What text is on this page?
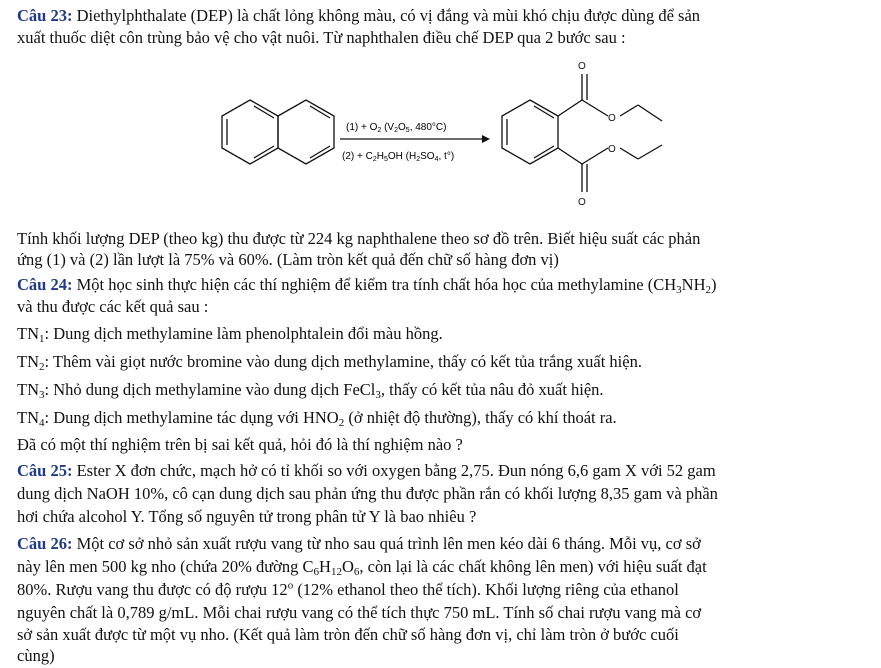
Câu 23: Diethylphthalate (DEP) là chất lỏng không màu, có vị đắng và mùi khó chịu được dùng để sản
xuất thuốc diệt côn trùng bảo vệ cho vật nuôi. Từ naphthalen điều chế DEP qua 2 bước sau :
$(1) + O_2$ ($V_2O_5$, 480°C)
$(2) + C_2H_5OH$ ($H_2SO_4$, t°)
O
O
O
O
Tính khối lượng DEP (theo kg) thu được từ 224 kg naphthalene theo sơ đồ trên. Biết hiệu suất các phản
ứng (1) và (2) lần lượt là 75% và 60%. (Làm tròn kết quả đến chữ số hàng đơn vị)
Câu 24: Một học sinh thực hiện các thí nghiệm để kiểm tra tính chất hóa học của methylamine $(CH_3NH_2)$
và thu được các kết quả sau :
$TN_1$: Dung dịch methylamine làm phenolphtalein đổi màu hồng.
$TN_2$: Thêm vài giọt nước bromine vào dung dịch methylamine, thấy có kết tủa trắng xuất hiện.
$TN_3$: Nhỏ dung dịch methylamine vào dung dịch FeCl$_3$, thấy có kết tủa nâu đỏ xuất hiện.
$TN_4$: Dung dịch methylamine tác dụng với $HNO_2$ (ở nhiệt độ thường), thấy có khí thoát ra.
Đã có một thí nghiệm trên bị sai kết quả, hỏi đó là thí nghiệm nào ?
Câu 25: Ester X đơn chức, mạch hở có tỉ khối so với oxygen bằng 2,75. Đun nóng 6,6 gam X với 52 gam
dung dịch NaOH 10%, cô cạn dung dịch sau phản ứng thu được phần rắn có khối lượng 8,35 gam và phần
hơi chứa alcohol Y. Tổng số nguyên tử trong phân tử Y là bao nhiêu ?
Câu 26: Một cơ sở nhỏ sản xuất rượu vang từ nho sau quá trình lên men kéo dài 6 tháng. Mỗi vụ, cơ sở
này lên men 500 kg nho (chứa 20% đường $C_6H_{12}O_6$, còn lại là các chất không lên men) với hiệu suất đạt
80%. Rượu vang thu được có độ rượu 12$^o$ (12% ethanol theo thể tích). Khối lượng riêng của ethanol
nguyên chất là 0,789 g/mL. Mỗi chai rượu vang có thể tích thực 750 mL. Tính số chai rượu vang mà cơ
sở sản xuất được từ một vụ nho. (Kết quả làm tròn đến chữ số hàng đơn vị, chỉ làm tròn ở bước cuối
cùng)
